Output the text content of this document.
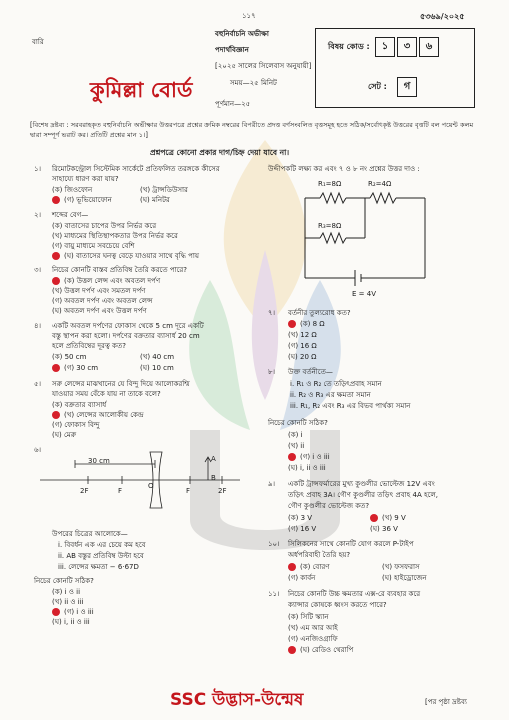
বারি
১১৭	৫৩৬৯/২০২৫
বহুনির্বাচনি অভীক্ষা
পদার্থবিজ্ঞান
[২০২৫ সালের সিলেবাস অনুযায়ী]
সময়—২৫ মিনিট
পূর্ণমান—২৫
কুমিল্লা বোর্ড
বিষয় কোড :	১	৩	৬
সেট :	গ
[বিশেষ দ্রষ্টব্য : সরবরাহকৃত বহুনির্বাচনি অভীক্ষার উত্তরপত্রে প্রশ্নের ক্রমিক নম্বরের বিপরীতে প্রদত্ত বর্ণসংবলিত বৃত্তসমূহ হতে সঠিক/সর্বোৎকৃষ্ট উত্তরের বৃত্তটি বল পয়েন্ট কলম দ্বারা সম্পূর্ণ ভরাট কর। প্রতিটি প্রশ্নের মান ১।]
প্রশ্নপত্রে কোনো প্রকার দাগ/চিহ্ন দেয়া যাবে না।
১। রিমোটকন্ট্রোল সিস্টেমিক সার্কেটে প্রতিফলিত তরঙ্গকে কীসের
সাহায্যে ধারণ করা যায়?
(ক) জিওফোন	(খ) ট্রান্সডিউসার
(গ) ভূভিয়োফোন	(ঘ) মনিটর
২। শব্দের বেগ—
(ক) বাতাসের চাপের উপর নির্ভর করে
(খ) মাধ্যমের স্থিতিস্থাপকতার উপর নির্ভর করে
(গ) বায়ু মাধ্যমে সবচেয়ে বেশি
(ঘ) বাতাসের ঘনত্ব বেড়ে যাওয়ার সাথে বৃদ্ধি পায়
৩। নিচের কোনটি বাস্তব প্রতিবিম্ব তৈরি করতে পারে?
(ক) উত্তল লেন্স এবং অবতল দর্পণ
(খ) উত্তল দর্পণ এবং সমতল দর্পণ
(গ) অবতল দর্পণ এবং অবতল লেন্স
(ঘ) অবতল দর্পণ এবং উত্তল দর্পণ
৪। একটি অবতল দর্পণের ফোকাস থেকে 5 cm দূরে একটি
বস্তু স্থাপন করা হলো। দর্পণের বক্রতার ব্যাসার্ধ 20 cm
হলে প্রতিবিম্বের দূরত্ব কত?
(ক) 50 cm	(খ) 40 cm
(গ) 30 cm	(ঘ) 10 cm
৫। সরু লেন্সের মাঝখানের যে বিন্দু দিয়ে আলোকরশ্মি
যাওয়ার সময় বেঁকে যায় না তাকে বলে?
(ক) বক্রতার ব্যাসার্ধ
(খ) লেন্সের আলোকীয় কেন্দ্র
(গ) ফোকাস বিন্দু
(ঘ) মেরু
৬।
30 cm
2F	F
O
F	2F
A
B
উপরের চিত্রের আলোকে—
i. বিবর্ধন এক এর চেয়ে কম হবে
ii. AB বস্তুর প্রতিবিম্ব উল্টা হবে
iii. লেন্সের ক্ষমতা − 6·67D
নিচের কোনটি সঠিক?
(ক) i ও ii
(খ) ii ও iii
(গ) i ও iii
(ঘ) i, ii ও iii
উদ্দীপকটি লক্ষ্য কর এবং ৭ ও ৮ নং প্রশ্নের উত্তর দাও :
R₁=8Ω	R₂=4Ω
R₃=8Ω
E = 4V
৭। বর্তনীর তুল্যরোধ কত?
(ক) 8 Ω
(খ) 12 Ω
(গ) 16 Ω
(ঘ) 20 Ω
৮। উক্ত বর্তনীতে—
i. R₁ ও R₂ তে তড়িৎপ্রবাহ সমান
ii. R₂ ও R₃ এর ক্ষমতা সমান
iii. R₁, R₂ এবং R₃ এর বিভব পার্থক্য সমান
নিচের কোনটি সঠিক?
(ক) i
(খ) ii
(গ) i ও iii
(ঘ) i, ii ও iii
৯। একটি ট্রান্সফর্মারের মুখ্য কুণ্ডলীর ভোল্টেজ 12V এবং
তড়িৎ প্রবাহ 3A। গৌণ কুণ্ডলীর তড়িৎ প্রবাহ 4A হলে,
গৌণ কুণ্ডলীর ভোল্টেজ কত?
(ক) 3 V	(খ) 9 V
(গ) 16 V	(ঘ) 36 V
১০। সিলিকনের সাথে কোনটি যোগ করলে P-টাইপ
অর্ধপরিবাহী তৈরি হয়?
(ক) বোরণ	(খ) ফসফরাস
(গ) কার্বন	(ঘ) হাইড্রোজেন
১১। নিচের কোনটি উচ্চ ক্ষমতার এক্স-রে ব্যবহার করে
ক্যান্সার কোষকে ধ্বংস করতে পারে?
(ক) সিটি স্ক্যান
(খ) এম আর আই
(গ) এনজিওগ্রাফি
(ঘ) রেডিও থেরাপি
SSC উদ্ভাস-উন্মেষ	[পর পৃষ্ঠা দ্রষ্টব্য
